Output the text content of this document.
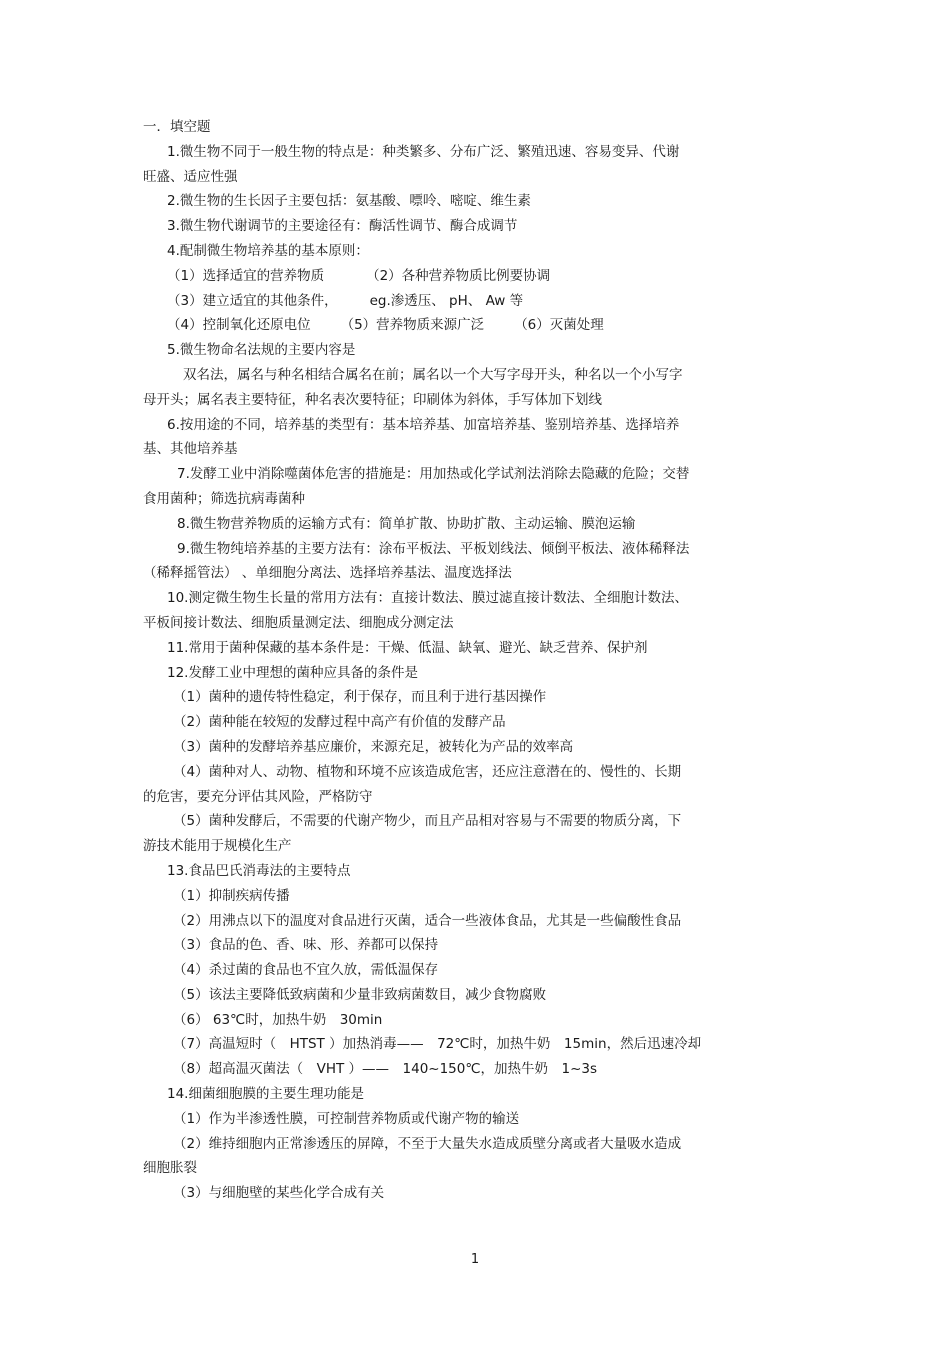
一．填空题
1.微生物不同于一般生物的特点是：种类繁多、分布广泛、繁殖迅速、容易变异、代谢
旺盛、适应性强
2.微生物的生长因子主要包括：氨基酸、嘌呤、嘧啶、维生素
3.微生物代谢调节的主要途径有：酶活性调节、酶合成调节
4.配制微生物培养基的基本原则：
（1）选择适宜的营养物质	（2）各种营养物质比例要协调
（3）建立适宜的其他条件， eg.渗透压、 pH、 Aw 等
（4）控制氧化还原电位 （5）营养物质来源广泛 （6）灭菌处理
5.微生物命名法规的主要内容是
双名法，属名与种名相结合属名在前；属名以一个大写字母开头，种名以一个小写字
母开头；属名表主要特征，种名表次要特征；印刷体为斜体，手写体加下划线
6.按用途的不同，培养基的类型有：基本培养基、加富培养基、鉴别培养基、选择培养
基、其他培养基
7.发酵工业中消除噬菌体危害的措施是：用加热或化学试剂法消除去隐藏的危险；交替
食用菌种；筛选抗病毒菌种
8.微生物营养物质的运输方式有：简单扩散、协助扩散、主动运输、膜泡运输
9.微生物纯培养基的主要方法有：涂布平板法、平板划线法、倾倒平板法、液体稀释法
（稀释摇管法） 、单细胞分离法、选择培养基法、温度选择法
10.测定微生物生长量的常用方法有：直接计数法、膜过滤直接计数法、全细胞计数法、
平板间接计数法、细胞质量测定法、细胞成分测定法
11.常用于菌种保藏的基本条件是：干燥、低温、缺氧、避光、缺乏营养、保护剂
12.发酵工业中理想的菌种应具备的条件是
（1）菌种的遗传特性稳定，利于保存，而且利于进行基因操作
（2）菌种能在较短的发酵过程中高产有价值的发酵产品
（3）菌种的发酵培养基应廉价，来源充足，被转化为产品的效率高
（4）菌种对人、动物、植物和环境不应该造成危害，还应注意潜在的、慢性的、长期
的危害，要充分评估其风险，严格防守
（5）菌种发酵后，不需要的代谢产物少，而且产品相对容易与不需要的物质分离，下
游技术能用于规模化生产
13.食品巴氏消毒法的主要特点
（1）抑制疾病传播
（2）用沸点以下的温度对食品进行灭菌，适合一些液体食品，尤其是一些偏酸性食品
（3）食品的色、香、味、形、养都可以保持
（4）杀过菌的食品也不宜久放，需低温保存
（5）该法主要降低致病菌和少量非致病菌数目，减少食物腐败
（6） 63℃时，加热牛奶　30min
（7）高温短时（　HTST ）加热消毒——　72℃时，加热牛奶　15min，然后迅速冷却
（8）超高温灭菌法（　VHT ）——　140~150℃，加热牛奶　1~3s
14.细菌细胞膜的主要生理功能是
（1）作为半渗透性膜，可控制营养物质或代谢产物的输送
（2）维持细胞内正常渗透压的屏障，不至于大量失水造成质壁分离或者大量吸水造成
细胞胀裂
（3）与细胞壁的某些化学合成有关
1
